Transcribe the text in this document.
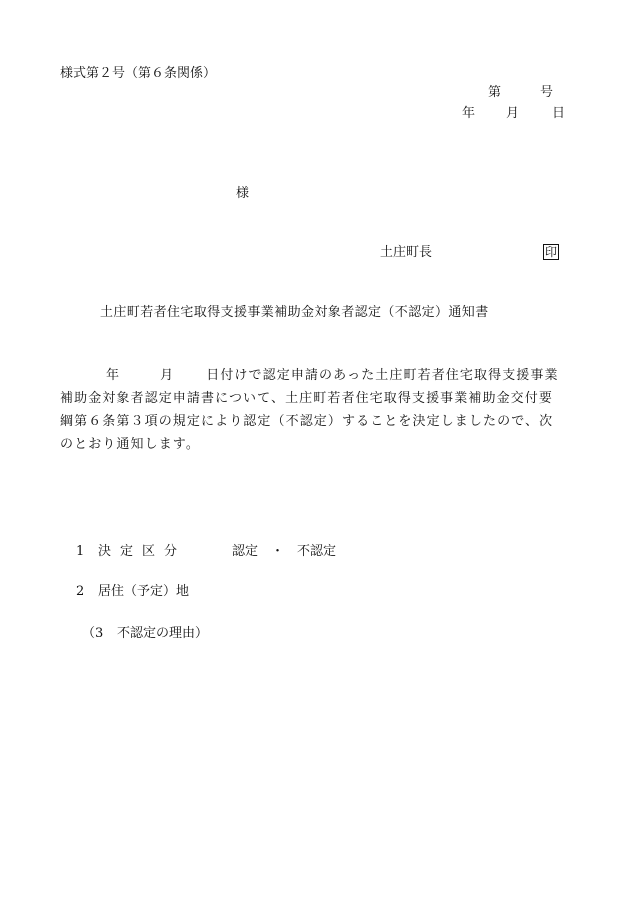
様式第２号（第６条関係）
第	号
年 月	日
様
土庄町長	印
土庄町若者住宅取得支援事業補助金対象者認定（不認定）通知書
年	月 日付けで認定申請のあった土庄町若者住宅取得支援事業補助金対象者認定申請書について、土庄町若者住宅取得支援事業補助金交付要綱第６条第３項の規定により認定（不認定）することを決定しましたので、次のとおり通知します。
1 決定区分	認定　・　不認定
2 居住（予定）地
（3 不認定の理由）
